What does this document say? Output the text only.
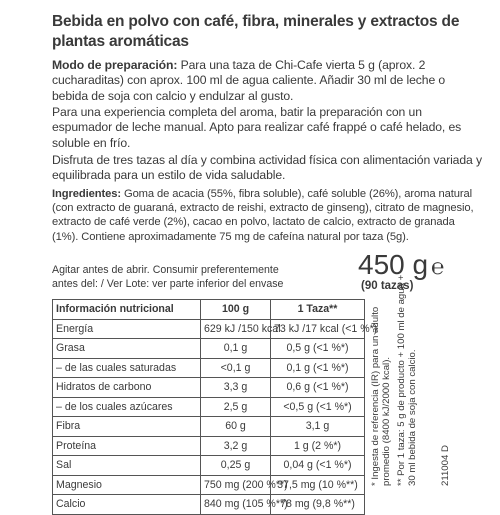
Bebida en polvo con café, fibra, minerales y extractos de plantas aromáticas
Modo de preparación: Para una taza de Chi-Cafe vierta 5 g (aprox. 2 cucharaditas) con aprox. 100 ml de agua caliente. Añadir 30 ml de leche o bebida de soja con calcio y endulzar al gusto.
Para una experiencia completa del aroma, batir la preparación con un espumador de leche manual. Apto para realizar café frappé o café helado, es soluble en frío.
Disfruta de tres tazas al día y combina actividad física con alimentación variada y equilibrada para un estilo de vida saludable.
Ingredientes: Goma de acacia (55%, fibra soluble), café soluble (26%), aroma natural (con extracto de guaraná, extracto de reishi, extracto de ginseng), citrato de magnesio, extracto de café verde (2%), cacao en polvo, lactato de calcio, extracto de granada (1%). Contiene aproximadamente 75 mg de cafeína natural por taza (5g).
Agitar antes de abrir. Consumir preferentemente
antes del: / Ver Lote: ver parte inferior del envase
450 g ℮
(90 tazas)
Información nutricional	100 g	1 Taza**
Energía	629 kJ /150 kcal	73 kJ /17 kcal (<1 %*)
Grasa	0,1 g	0,5 g (<1 %*)
– de las cuales saturadas	<0,1 g	0,1 g (<1 %*)
Hidratos de carbono	3,3 g	0,6 g (<1 %*)
– de los cuales azúcares	2,5 g	<0,5 g (<1 %*)
Fibra	60 g	3,1 g
Proteína	3,2 g	1 g (2 %*)
Sal	0,25 g	0,04 g (<1 %*)
Magnesio	750 mg (200 %**)	37,5 mg (10 %**)
Calcio	840 mg (105 %**)	78 mg (9,8 %**)
* Ingesta de referencia (IR) para un adulto promedio (8400 kJ/2000 kcal). ** Por 1 taza: 5 g de producto + 100 ml de agua + 30 ml bebida de soja con calcio. 211004 D
